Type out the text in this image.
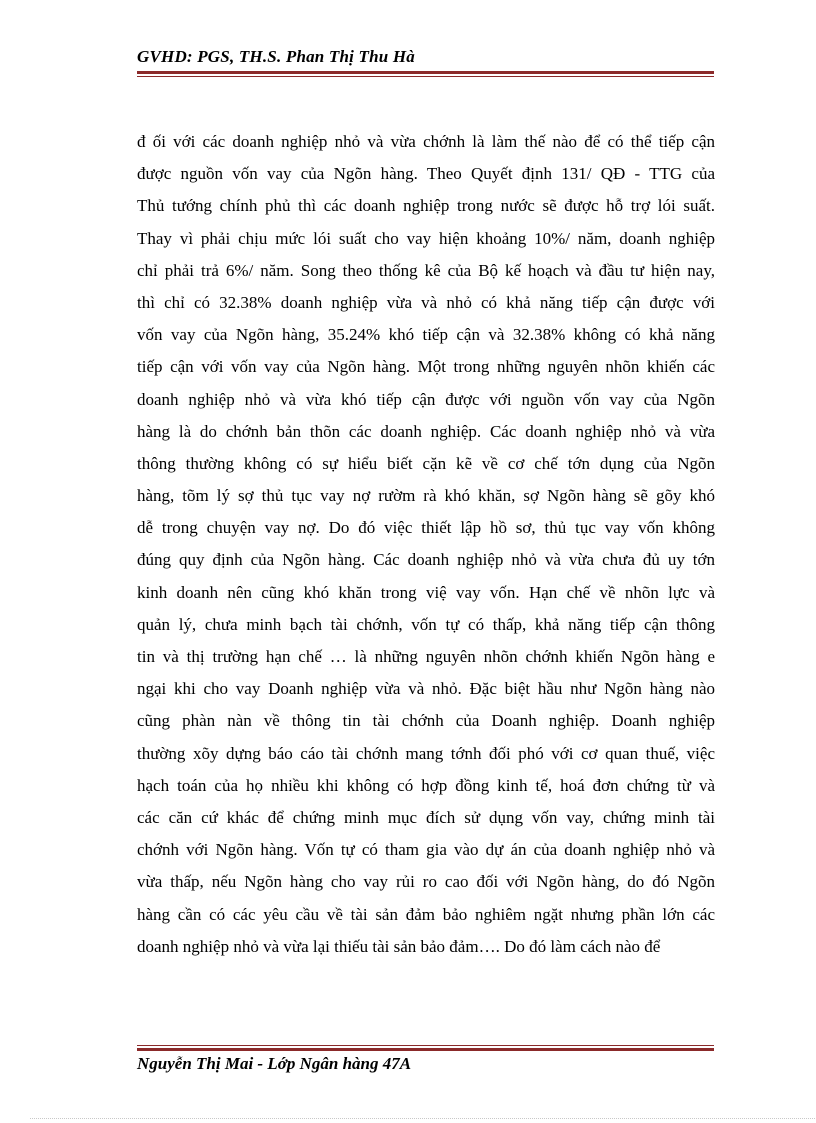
GVHD: PGS, TH.S. Phan Thị Thu Hà
đ ối với các doanh nghiệp nhỏ và vừa chớnh là làm thế nào để có thể tiếp cận
được nguồn vốn vay của Ngõn hàng. Theo Quyết định 131/ QĐ - TTG của
Thủ tướng chính phủ thì các doanh nghiệp trong nước sẽ được hỗ trợ lói suất.
Thay vì phải chịu mức lói suất cho vay hiện khoảng 10%/ năm, doanh nghiệp
chỉ phải trả 6%/ năm. Song theo thống kê của Bộ kế hoạch và đầu tư hiện nay,
thì chỉ có 32.38% doanh nghiệp vừa và nhỏ có khả năng tiếp cận được với
vốn vay của Ngõn hàng, 35.24% khó tiếp cận và 32.38% không có khả năng
tiếp cận với vốn vay của Ngõn hàng. Một trong những nguyên nhõn khiến các
doanh nghiệp nhỏ và vừa khó tiếp cận được với nguồn vốn vay của Ngõn
hàng là do chớnh bản thõn các doanh nghiệp. Các doanh nghiệp nhỏ và vừa
thông thường không có sự hiểu biết cặn kẽ về cơ chế tớn dụng của Ngõn
hàng, tõm lý sợ thủ tục vay nợ rườm rà khó khăn, sợ Ngõn hàng sẽ gõy khó
dễ trong chuyện vay nợ. Do đó việc thiết lập hồ sơ, thủ tục vay vốn không
đúng quy định của Ngõn hàng. Các doanh nghiệp nhỏ và vừa chưa đủ uy tớn
kinh doanh nên cũng khó khăn trong việ vay vốn. Hạn chế về nhõn lực và
quản lý, chưa minh bạch tài chớnh, vốn tự có thấp, khả năng tiếp cận thông
tin và thị trường hạn chế … là những nguyên nhõn chớnh khiến Ngõn hàng e
ngại khi cho vay Doanh nghiệp vừa và nhỏ. Đặc biệt hầu như Ngõn hàng nào
cũng phàn nàn về thông tin tài chớnh của Doanh nghiệp. Doanh nghiệp
thường xõy dựng báo cáo tài chớnh mang tớnh đối phó với cơ quan thuế, việc
hạch toán của họ nhiều khi không có hợp đồng kinh tế, hoá đơn chứng từ và
các căn cứ khác để chứng minh mục đích sử dụng vốn vay, chứng minh tài
chớnh với Ngõn hàng. Vốn tự có tham gia vào dự án của doanh nghiệp nhỏ và
vừa thấp, nếu Ngõn hàng cho vay rủi ro cao đối với Ngõn hàng, do đó Ngõn
hàng cần có các yêu cầu về tài sản đảm bảo nghiêm ngặt nhưng phần lớn các
doanh nghiệp nhỏ và vừa lại thiếu tài sản bảo đảm…. Do đó làm cách nào để
Nguyễn Thị Mai - Lớp Ngân hàng 47A
